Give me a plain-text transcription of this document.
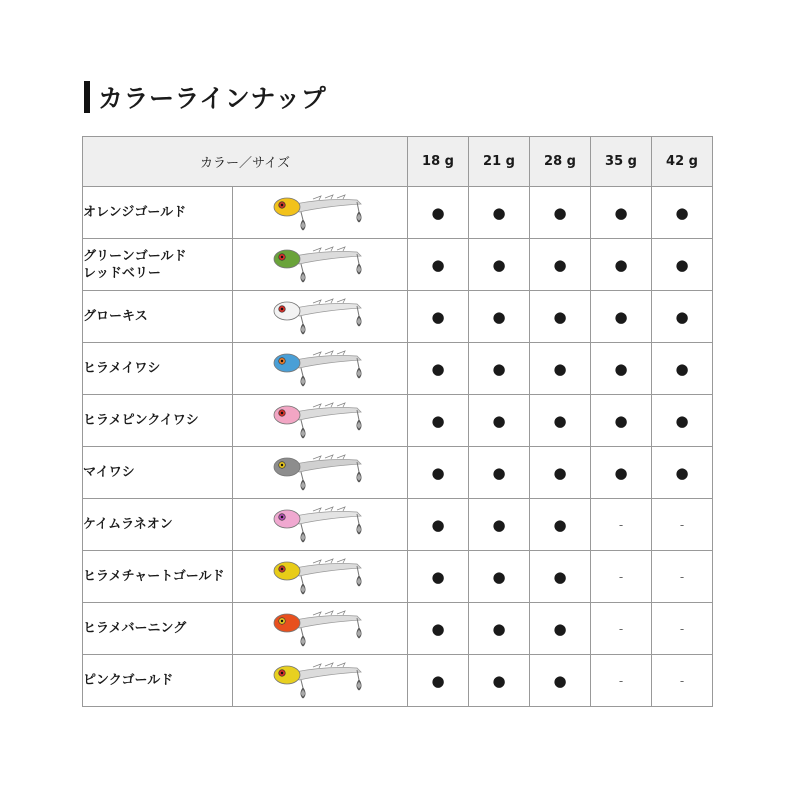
カラーラインナップ
カラー／サイズ		18 g	21 g	28 g	35 g	42 g

オレンジゴールド		●	●	●	●	●

グリーンゴールド
レッドベリー		●	●	●	●	●

グローキス		●	●	●	●	●

ヒラメイワシ		●	●	●	●	●

ヒラメピンクイワシ		●	●	●	●	●

マイワシ		●	●	●	●	●

ケイムラネオン		●	●	●	-	-

ヒラメチャートゴールド		●	●	●	-	-

ヒラメバーニング		●	●	●	-	-

ピンクゴールド		●	●	●	-	-
